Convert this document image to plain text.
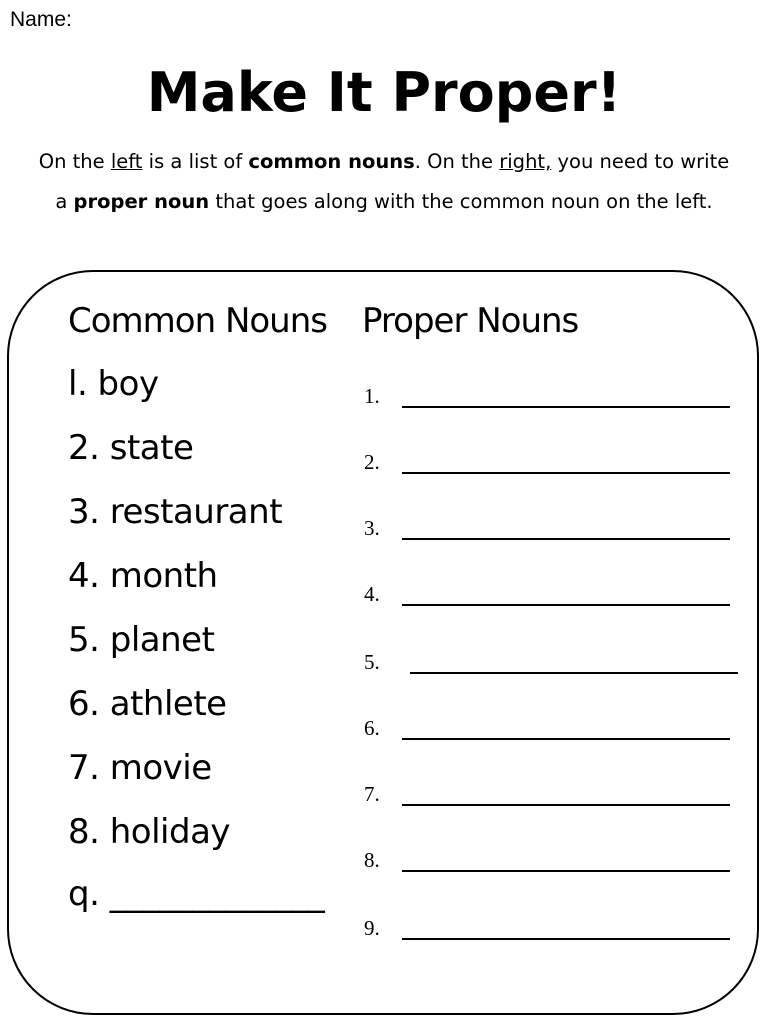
Name:
Make It Proper!
On the left is a list of common nouns. On the right, you need to write a proper noun that goes along with the common noun on the left.
Common Nouns Proper Nouns
l. boy
2. state
3. restaurant
4. month
5. planet
6. athlete
7. movie
8. holiday
q. _____________
1.
2.
3.
4.
5.
6.
7.
8.
9.
